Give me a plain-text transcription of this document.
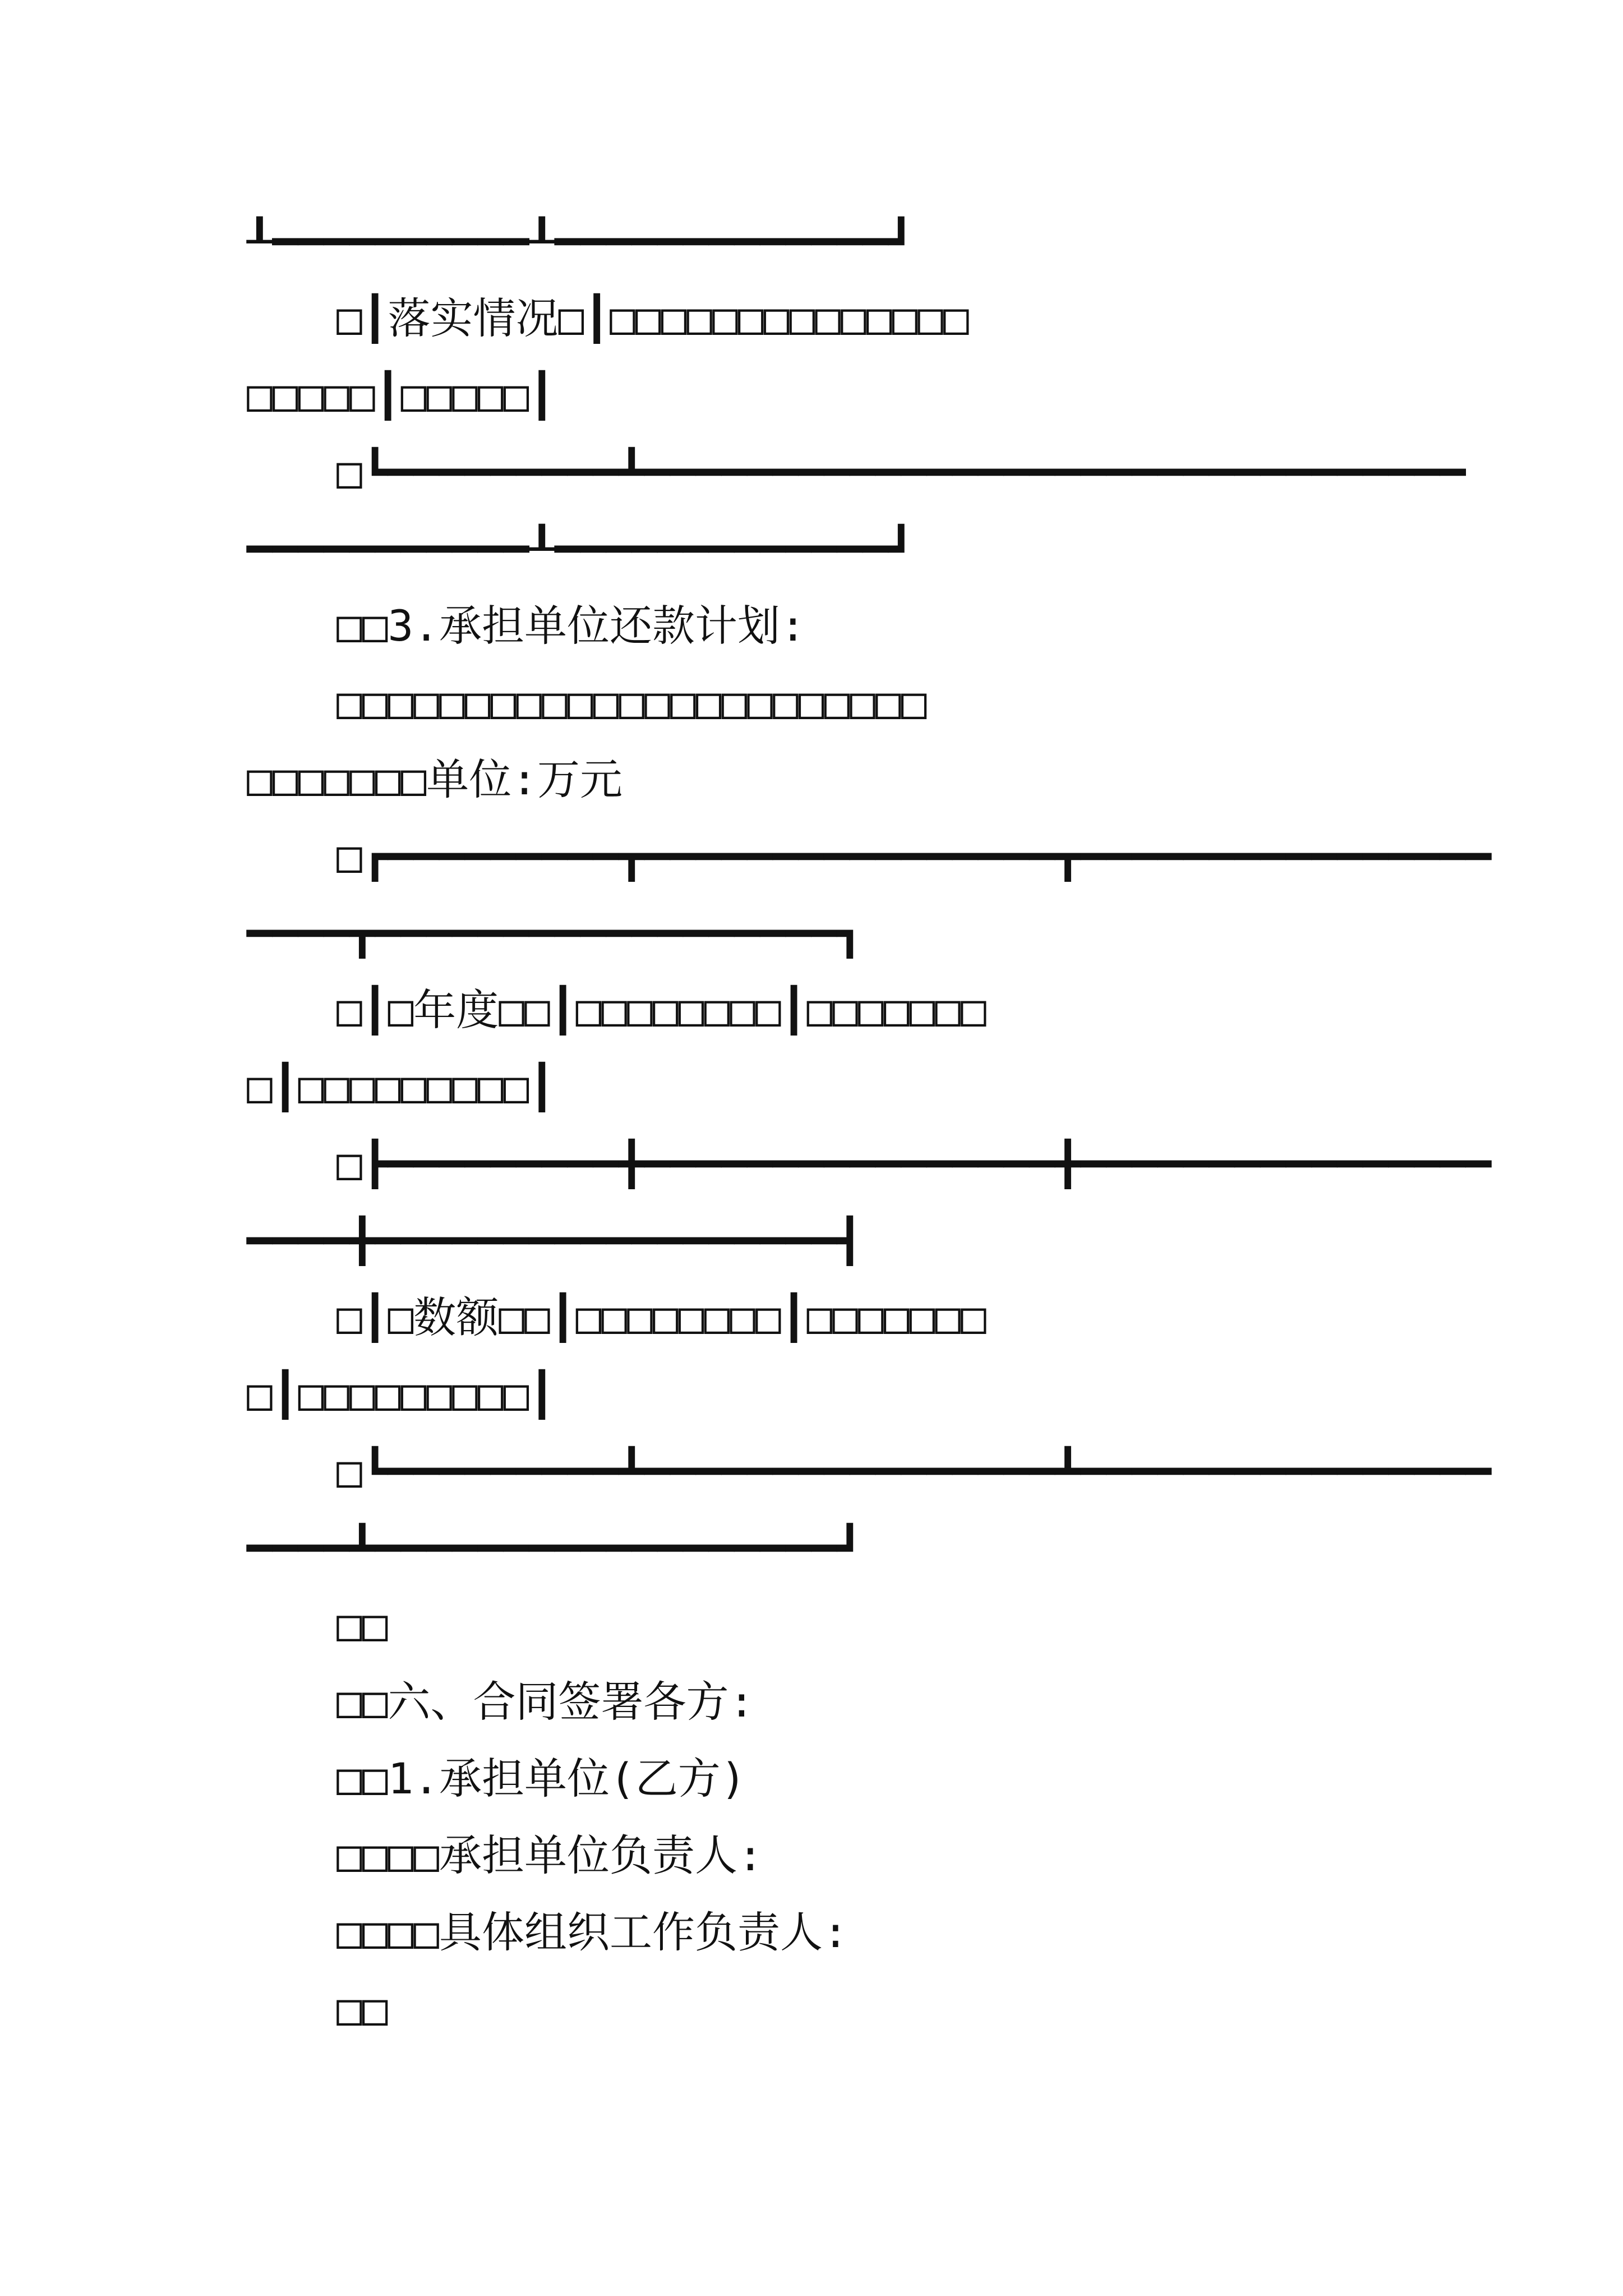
┸━━━━━━━━━━┸━━━━━━━━━━━━━┛

□┃落实情况□┃□□□□□□□□□□□□□□

□□□□□┃□□□□□┃

□┗━━━━━━━━━┻━━━━━━━━━━━━━━━━━━━━━━━━━━━━━━━━

━━━━━━━━━━━┸━━━━━━━━━━━━━┛

□□3.承担单位还款计划:

□□□□□□□□□□□□□□□□□□□□□□□

□□□□□□□单位:万元

□┏━━━━━━━━━┳━━━━━━━━━━━━━━━━┳━━━━━━━━━━━━━━━━

━━━━┳━━━━━━━━━━━━━━━━━━┓

□┃□年度□□┃□□□□□□□□┃□□□□□□□

□┃□□□□□□□□□┃

□┣━━━━━━━━━╋━━━━━━━━━━━━━━━━╋━━━━━━━━━━━━━━━━

━━━━╋━━━━━━━━━━━━━━━━━━┫

□┃□数额□□┃□□□□□□□□┃□□□□□□□

□┃□□□□□□□□□┃

□┗━━━━━━━━━┻━━━━━━━━━━━━━━━━┻━━━━━━━━━━━━━━━━

━━━━┻━━━━━━━━━━━━━━━━━━┛

□□

□□六、合同签署各方:

□□1.承担单位(乙方)

□□□□承担单位负责人:

□□□□具体组织工作负责人:

□□
